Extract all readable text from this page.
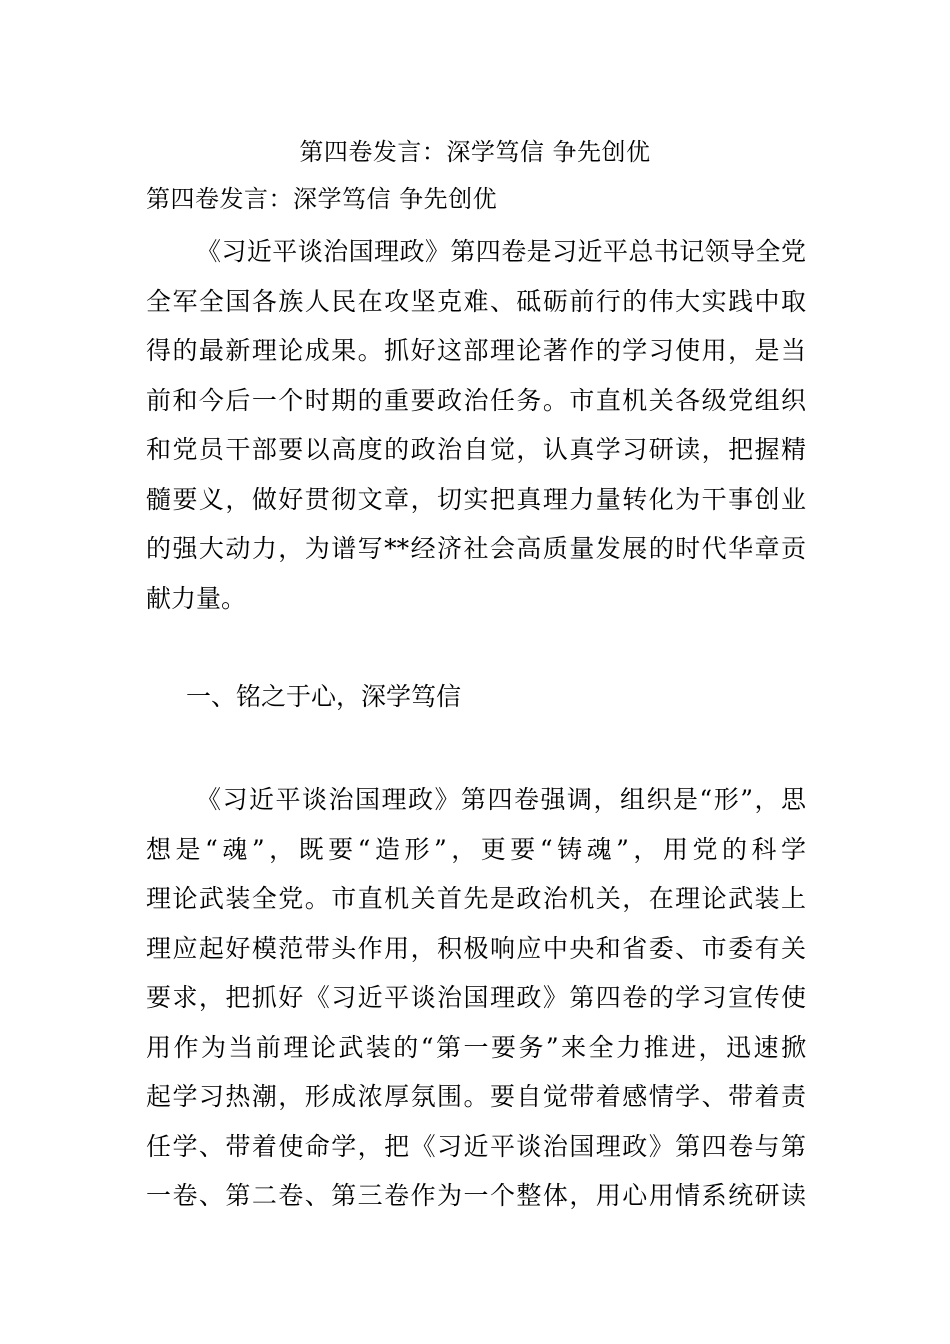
第四卷发言：深学笃信 争先创优
第四卷发言：深学笃信 争先创优
《习近平谈治国理政》第四卷是习近平总书记领导全党
全军全国各族人民在攻坚克难、砥砺前行的伟大实践中取
得的最新理论成果。抓好这部理论著作的学习使用，是当
前和今后一个时期的重要政治任务。市直机关各级党组织
和党员干部要以高度的政治自觉，认真学习研读，把握精
髓要义，做好贯彻文章，切实把真理力量转化为干事创业
的强大动力，为谱写**经济社会高质量发展的时代华章贡
献力量。
一、铭之于心，深学笃信
《习近平谈治国理政》第四卷强调，组织是“形”，思
想是“魂”，既要“造形”，更要“铸魂”，用党的科学
理论武装全党。市直机关首先是政治机关，在理论武装上
理应起好模范带头作用，积极响应中央和省委、市委有关
要求，把抓好《习近平谈治国理政》第四卷的学习宣传使
用作为当前理论武装的“第一要务”来全力推进，迅速掀
起学习热潮，形成浓厚氛围。要自觉带着感情学、带着责
任学、带着使命学，把《习近平谈治国理政》第四卷与第
一卷、第二卷、第三卷作为一个整体，用心用情系统研读
